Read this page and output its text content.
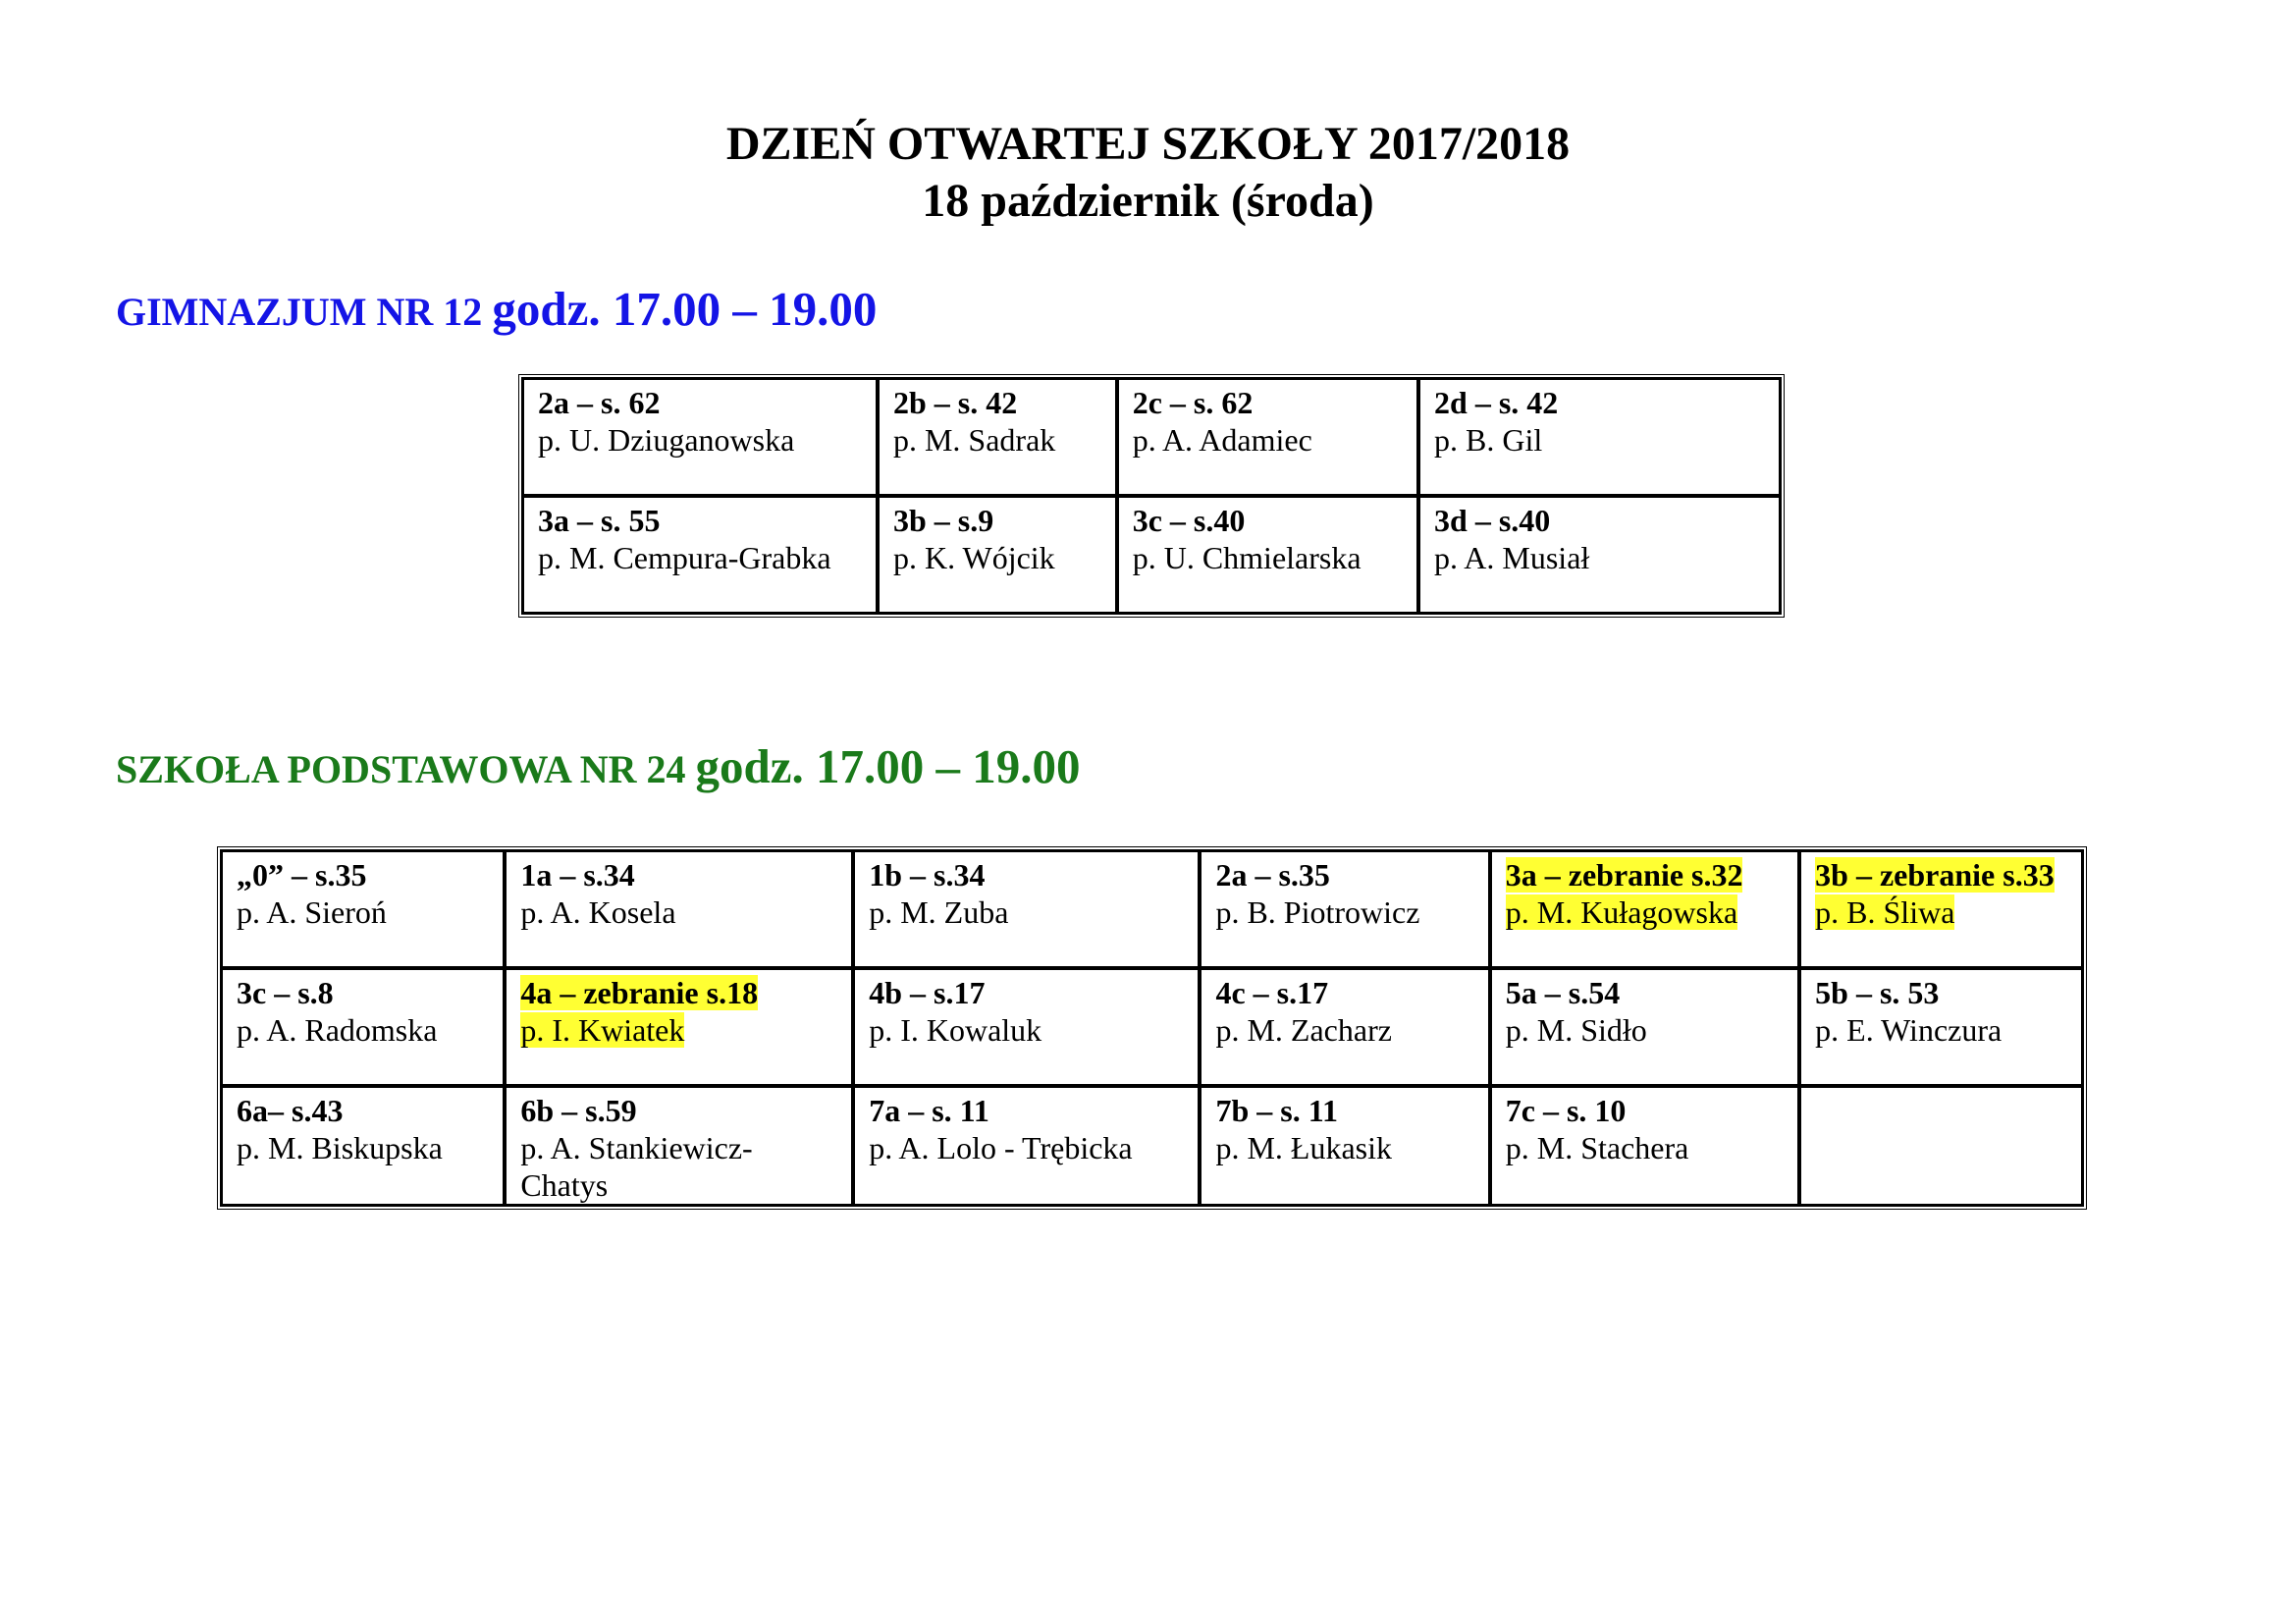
DZIEŃ OTWARTEJ SZKOŁY 2017/2018
18 październik (środa)
GIMNAZJUM NR 12 godz. 17.00 – 19.00
2a – s. 62
p. U. Dziuganowska	2b – s. 42
p. M. Sadrak	2c – s. 62
p. A. Adamiec	2d – s. 42
p. B. Gil

3a – s. 55
p. M. Cempura-Grabka	3b – s.9
p. K. Wójcik	3c – s.40
p. U. Chmielarska	3d – s.40
p. A. Musiał
SZKOŁA PODSTAWOWA NR 24 godz. 17.00 – 19.00
„0” – s.35
p. A. Sieroń	1a – s.34
p. A. Kosela	1b – s.34
p. M. Zuba	2a – s.35
p. B. Piotrowicz	3a – zebranie s.32
p. M. Kułagowska	3b – zebranie s.33
p. B. Śliwa

3c – s.8
p. A. Radomska	4a – zebranie s.18
p. I. Kwiatek	4b – s.17
p. I. Kowaluk	4c – s.17
p. M. Zacharz	5a – s.54
p. M. Sidło	5b – s. 53
p. E. Winczura

6a– s.43
p. M. Biskupska	6b – s.59
p. A. Stankiewicz-Chatys	7a – s. 11
p. A. Lolo - Trębicka	7b – s. 11
p. M. Łukasik	7c – s. 10
p. M. Stachera	
